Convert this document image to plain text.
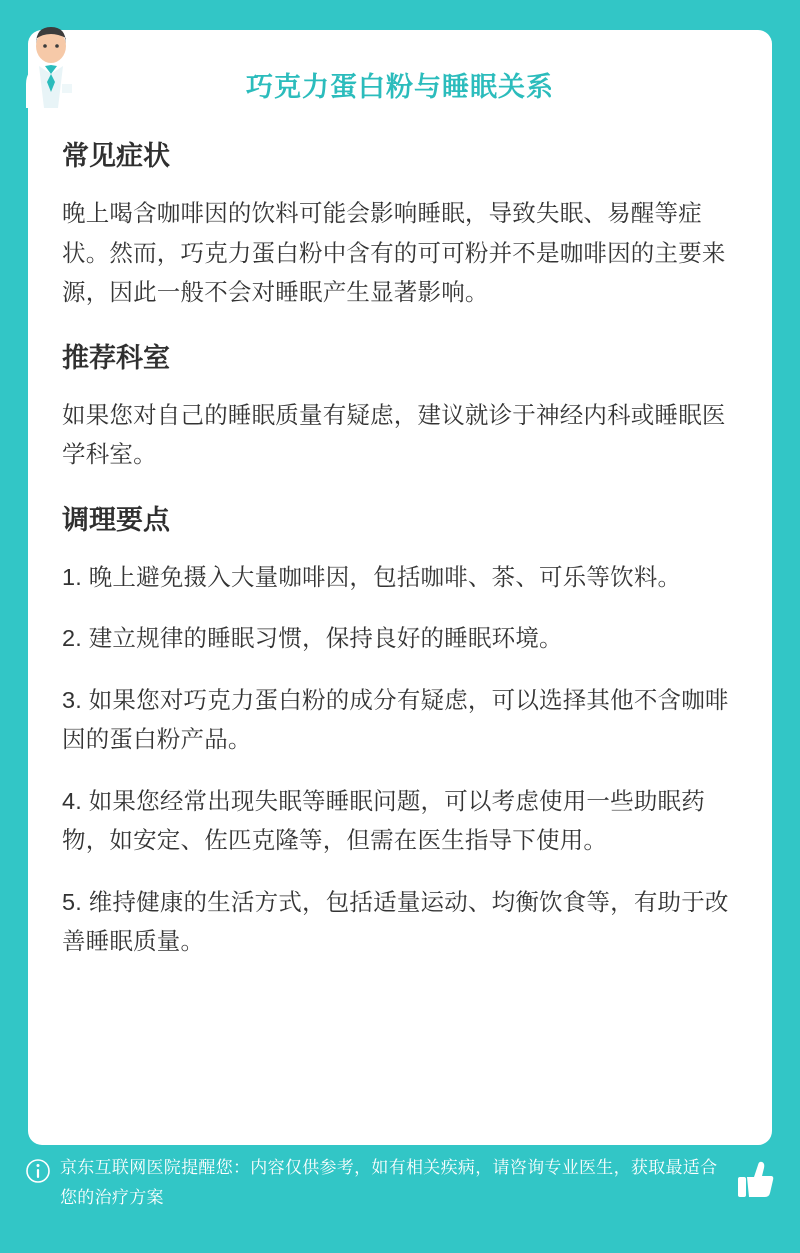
巧克力蛋白粉与睡眠关系
常见症状

晚上喝含咖啡因的饮料可能会影响睡眠，导致失眠、易醒等症状。然而，巧克力蛋白粉中含有的可可粉并不是咖啡因的主要来源，因此一般不会对睡眠产生显著影响。

推荐科室

如果您对自己的睡眠质量有疑虑，建议就诊于神经内科或睡眠医学科室。

调理要点
1. 晚上避免摄入大量咖啡因，包括咖啡、茶、可乐等饮料。
2. 建立规律的睡眠习惯，保持良好的睡眠环境。
3. 如果您对巧克力蛋白粉的成分有疑虑，可以选择其他不含咖啡因的蛋白粉产品。
4. 如果您经常出现失眠等睡眠问题，可以考虑使用一些助眠药物，如安定、佐匹克隆等，但需在医生指导下使用。
5. 维持健康的生活方式，包括适量运动、均衡饮食等，有助于改善睡眠质量。
京东互联网医院提醒您：内容仅供参考，如有相关疾病，请咨询专业医生，获取最适合您的治疗方案
